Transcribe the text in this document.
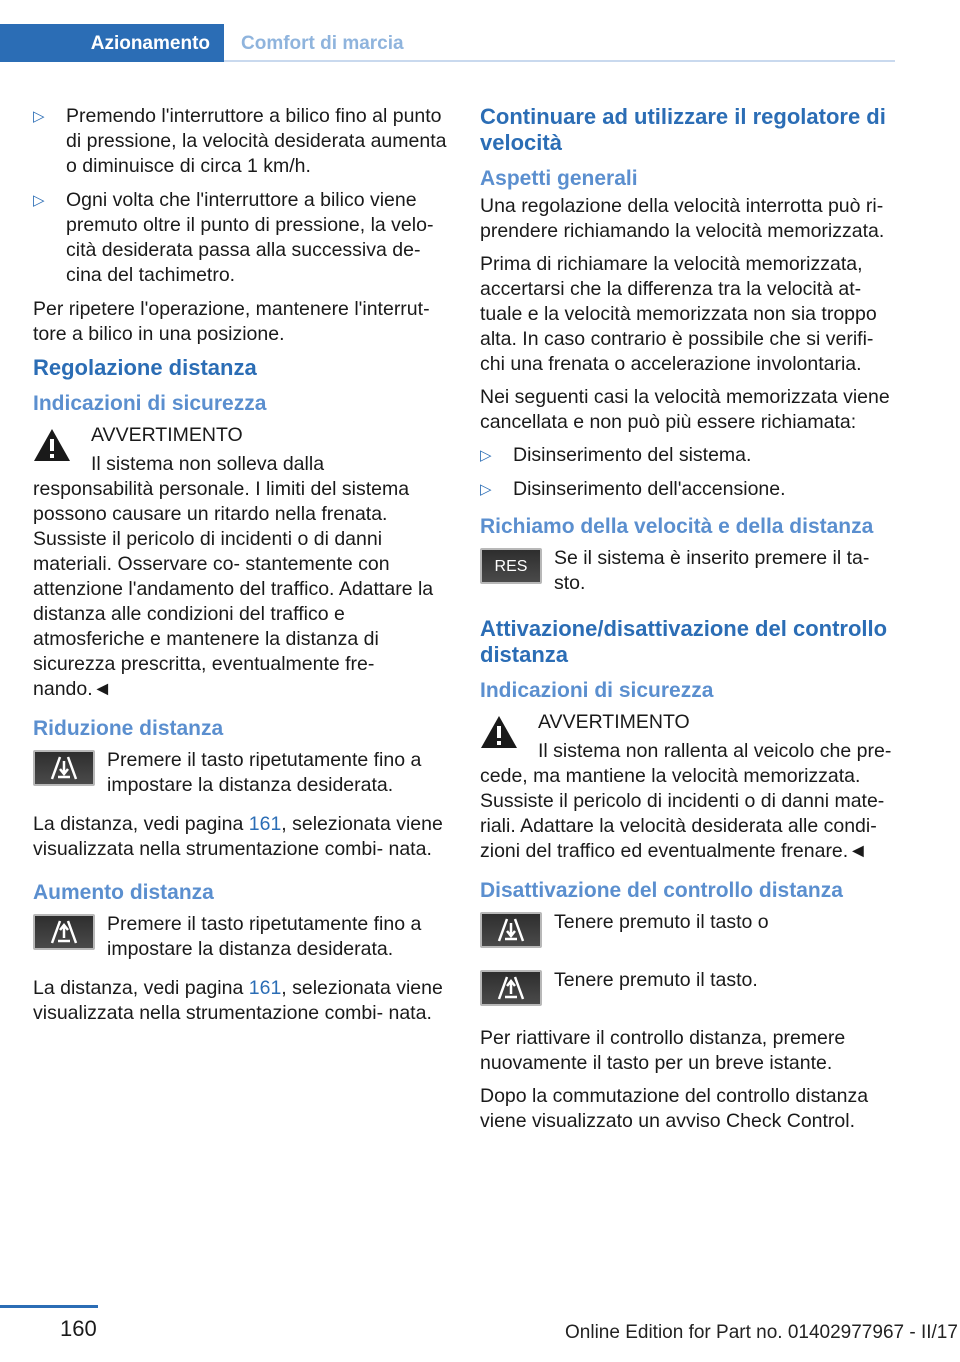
Azionamento	Comfort di marcia
▷ Premendo l'interruttore a bilico fino al punto di pressione, la velocità desiderata aumenta o diminuisce di circa 1 km/h.
▷ Ogni volta che l'interruttore a bilico viene premuto oltre il punto di pressione, la velo‐ cità desiderata passa alla successiva de‐ cina del tachimetro.

Per ripetere l'operazione, mantenere l'interrut‐ tore a bilico in una posizione.

Regolazione distanza
Indicazioni di sicurezza
AVVERTIMENTO
Il sistema non solleva dalla responsabilità personale. I limiti del sistema possono causare un ritardo nella frenata. Sussiste il pericolo di incidenti o di danni materiali. Osservare co‐ stantemente con attenzione l'andamento del traffico. Adattare la distanza alle condizioni del traffico e atmosferiche e mantenere la distanza di sicurezza prescritta, eventualmente fre‐ nando.◄
Riduzione distanza
Premere il tasto ripetutamente fino a impostare la distanza desiderata.

La distanza, vedi pagina 161, selezionata viene visualizzata nella strumentazione combi‐ nata.

Aumento distanza
Premere il tasto ripetutamente fino a impostare la distanza desiderata.

La distanza, vedi pagina 161, selezionata viene visualizzata nella strumentazione combi‐ nata.

Continuare ad utilizzare il regolatore di velocità
Aspetti generali

Una regolazione della velocità interrotta può ri‐ prendere richiamando la velocità memorizzata.

Prima di richiamare la velocità memorizzata, accertarsi che la differenza tra la velocità at‐ tuale e la velocità memorizzata non sia troppo alta. In caso contrario è possibile che si verifi‐ chi una frenata o accelerazione involontaria.

Nei seguenti casi la velocità memorizzata viene cancellata e non può più essere richiamata:

▷ Disinserimento del sistema.
▷ Disinserimento dell'accensione.
Richiamo della velocità e della distanza
RES	Se il sistema è inserito premere il ta‐ sto.
Attivazione/disattivazione del controllo distanza
Indicazioni di sicurezza
AVVERTIMENTO
Il sistema non rallenta al veicolo che pre‐ cede, ma mantiene la velocità memorizzata. Sussiste il pericolo di incidenti o di danni mate‐ riali. Adattare la velocità desiderata alle condi‐ zioni del traffico ed eventualmente frenare.◄
Disattivazione del controllo distanza
Tenere premuto il tasto o
Tenere premuto il tasto.

Per riattivare il controllo distanza, premere nuovamente il tasto per un breve istante.

Dopo la commutazione del controllo distanza viene visualizzato un avviso Check Control.

160	Online Edition for Part no. 01402977967 - II/17
